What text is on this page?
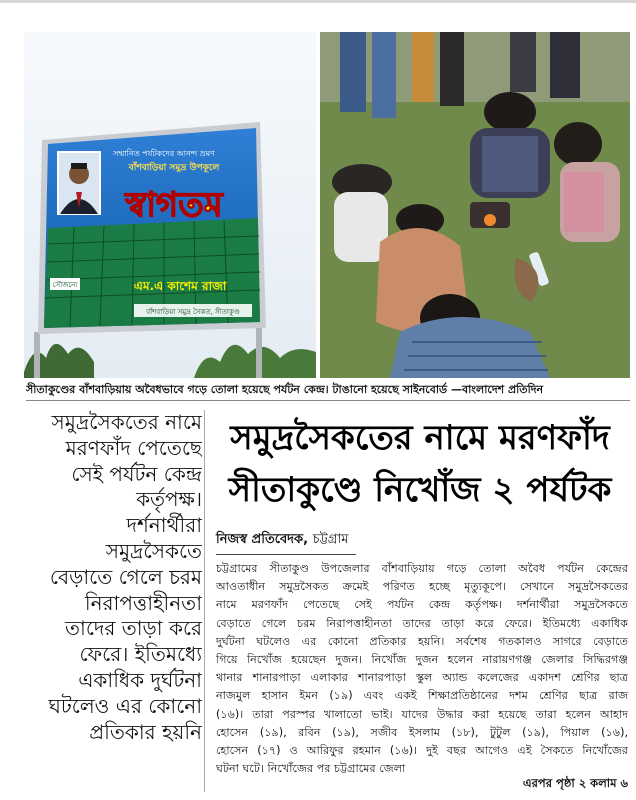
সম্মানিত পর্যটকদের আনন্দ ভ্রমণ
বাঁশবাড়িয়া সমুদ্র উপকূলে
স্বাগতম
সৌজন্যে	এম.এ কাশেম রাজা
বাঁশবাড়িয়া সমুদ্র সৈকত, সীতাকুণ্ড
সীতাকুণ্ডের বাঁশবাড়িয়ায় অবৈধভাবে গড়ে তোলা হয়েছে পর্যটন কেন্দ্র। টাঙানো হয়েছে সাইনবোর্ড —বাংলাদেশ প্রতিদিন
সমুদ্রসৈকতের নামে
মরণফাঁদ পেতেছে
সেই পর্যটন কেন্দ্র
কর্তৃপক্ষ।
দর্শনার্থীরা
সমুদ্রসৈকতে
বেড়াতে গেলে চরম
নিরাপত্তাহীনতা
তাদের তাড়া করে
ফেরে। ইতিমধ্যে
একাধিক দুর্ঘটনা
ঘটলেও এর কোনো
প্রতিকার হয়নি
সমুদ্রসৈকতের নামে মরণফাঁদ
সীতাকুণ্ডে নিখোঁজ ২ পর্যটক
নিজস্ব প্রতিবেদক, চট্টগ্রাম
চট্টগ্রামের সীতাকুণ্ড উপজেলার বাঁশবাড়িয়ায় গড়ে তোলা অবৈধ পর্যটন কেন্দ্রের
আওতাধীন সমুদ্রসৈকত ক্রমেই পরিণত হচ্ছে মৃত্যুকূপে। সেখানে সমুদ্রসৈকতের
নামে মরণফাঁদ পেতেছে সেই পর্যটন কেন্দ্র কর্তৃপক্ষ। দর্শনার্থীরা সমুদ্রসৈকতে
বেড়াতে গেলে চরম নিরাপত্তাহীনতা তাদের তাড়া করে ফেরে। ইতিমধ্যে একাধিক
দুর্ঘটনা ঘটলেও এর কোনো প্রতিকার হয়নি। সর্বশেষ গতকালও সাগরে বেড়াতে
গিয়ে নিখোঁজ হয়েছেন দুজন। নিখোঁজ দুজন হলেন নারায়ণগঞ্জ জেলার সিদ্ধিরগঞ্জ
থানার শানারপাড়া এলাকার শানারপাড়া স্কুল অ্যান্ড কলেজের একাদশ শ্রেণির ছাত্র
নাজমুল হাসান ইমন (১৯) এবং একই শিক্ষাপ্রতিষ্ঠানের দশম শ্রেণির ছাত্র রাজ
(১৬)। তারা পরস্পর খালাতো ভাই। যাদের উদ্ধার করা হয়েছে তারা হলেন আহাদ
হোসেন (১৯), রবিন (১৯), সজীব ইসলাম (১৮), টুটুল (১৯), পিয়াল (১৬),
হোসেন (১৭) ও আরিফুর রহমান (১৬)। দুই বছর আগেও এই সৈকতে নিখোঁজের
ঘটনা ঘটে। নিখোঁজের পর চট্টগ্রামের জেলা
এরপর পৃষ্ঠা ২ কলাম ৬
